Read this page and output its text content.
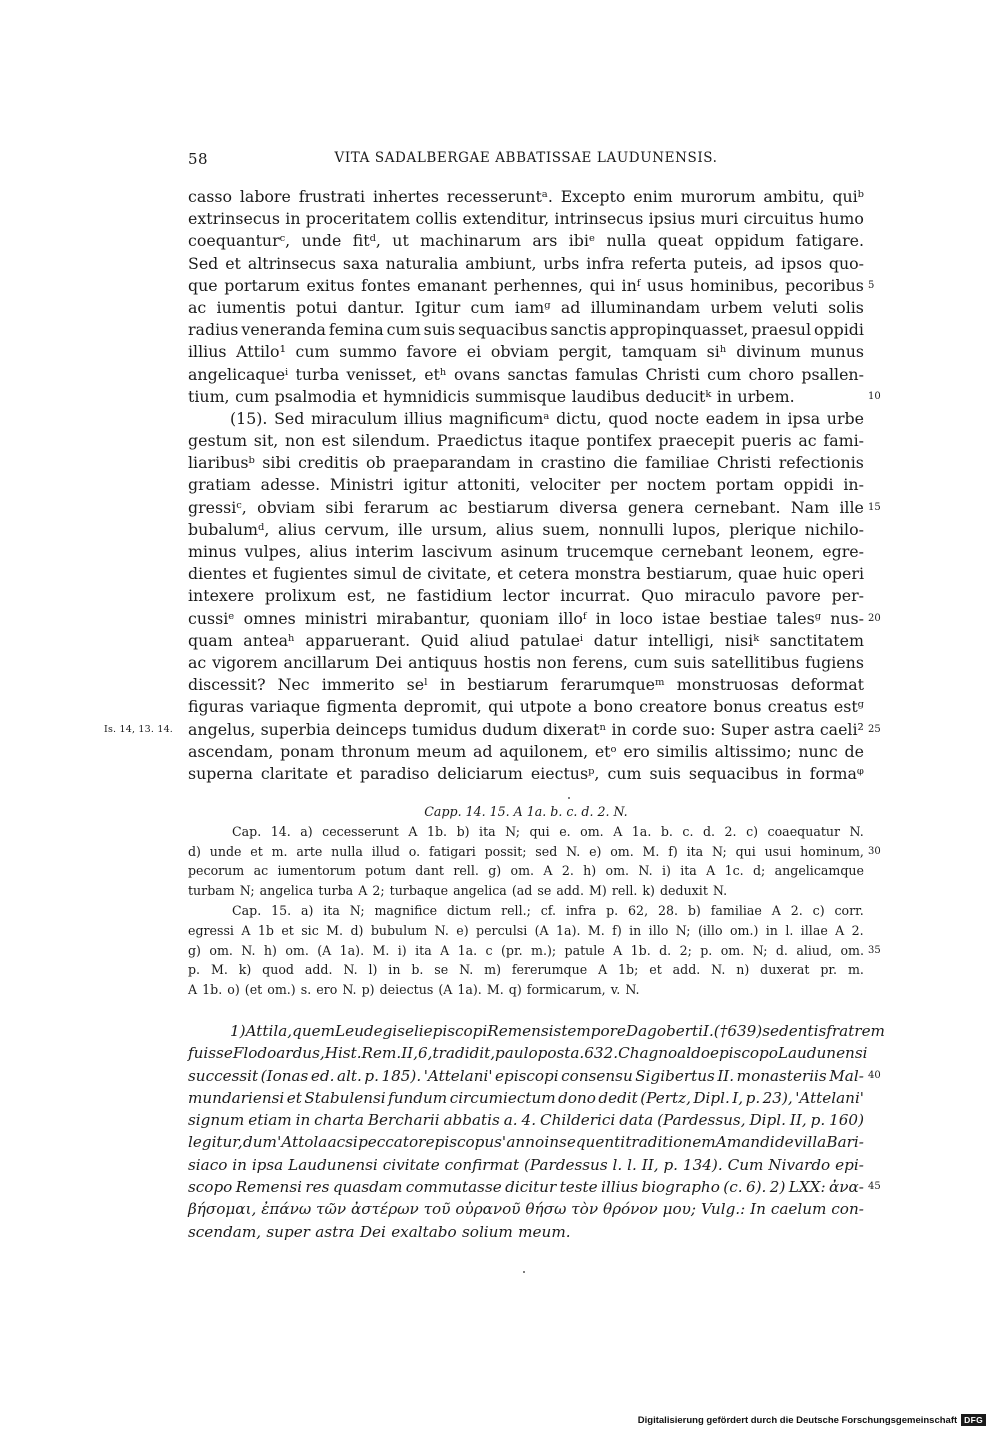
58	VITA SADALBERGAE ABBATISSAE LAUDUNENSIS.
casso labore frustrati inhertes recesseruntᵃ. Excepto enim murorum ambitu, quiᵇ
extrinsecus in proceritatem collis extenditur, intrinsecus ipsius muri circuitus humo
coequanturᶜ, unde fitᵈ, ut machinarum ars ibiᵉ nulla queat oppidum fatigare.
Sed et altrinsecus saxa naturalia ambiunt, urbs infra referta puteis, ad ipsos quo-
que portarum exitus fontes emanant perhennes, qui inᶠ usus hominibus, pecoribus 5
ac iumentis potui dantur. Igitur cum iamᵍ ad illuminandam urbem veluti solis
radius veneranda femina cum suis sequacibus sanctis appropinquasset, praesul oppidi
illius Attilo¹ cum summo favore ei obviam pergit, tamquam siʰ divinum munus
angelicaqueⁱ turba venisset, etʰ ovans sanctas famulas Christi cum choro psallen-
tium, cum psalmodia et hymnidicis summisque laudibus deducitᵏ in urbem.	10
(15). Sed miraculum illius magnificumᵃ dictu, quod nocte eadem in ipsa urbe
gestum sit, non est silendum. Praedictus itaque pontifex praecepit pueris ac fami-
liaribusᵇ sibi creditis ob praeparandam in crastino die familiae Christi refectionis
gratiam adesse. Ministri igitur attoniti, velociter per noctem portam oppidi in-
gressiᶜ, obviam sibi ferarum ac bestiarum diversa genera cernebant. Nam ille 15
bubalumᵈ, alius cervum, ille ursum, alius suem, nonnulli lupos, plerique nichilo-
minus vulpes, alius interim lascivum asinum trucemque cernebant leonem, egre-
dientes et fugientes simul de civitate, et cetera monstra bestiarum, quae huic operi
intexere prolixum est, ne fastidium lector incurrat. Quo miraculo pavore per-
cussiᵉ omnes ministri mirabantur, quoniam illoᶠ in loco istae bestiae talesᵍ nus- 20
quam anteaʰ apparuerant. Quid aliud patulaeⁱ datur intelligi, nisiᵏ sanctitatem
ac vigorem ancillarum Dei antiquus hostis non ferens, cum suis satellitibus fugiens
discessit? Nec immerito seˡ in bestiarum ferarumqueᵐ monstruosas deformat
figuras variaque figmenta depromit, qui utpote a bono creatore bonus creatus estᵍ
angelus, superbia deinceps tumidus dudum dixeratⁿ in corde suo: Super astra caeli² 25
Is. 14, 13. 14.
ascendam, ponam thronum meum ad aquilonem, etᵒ ero similis altissimo; nunc de
superna claritate et paradiso deliciarum eiectusᵖ, cum suis sequacibus in formaᵠ
Capp. 14. 15. A 1a. b. c. d. 2. N.
Cap. 14. a) cecesserunt A 1b. b) ita N; qui e. om. A 1a. b. c. d. 2. c) coaequatur N.
d) unde et m. arte nulla illud o. fatigari possit; sed N. e) om. M. f) ita N; qui usui hominum, 30
pecorum ac iumentorum potum dant rell. g) om. A 2. h) om. N. i) ita A 1c. d; angelicamque
turbam N; angelica turba A 2; turbaque angelica (ad se add. M) rell. k) deduxit N.
Cap. 15. a) ita N; magnifice dictum rell.; cf. infra p. 62, 28. b) familiae A 2. c) corr.
egressi A 1b et sic M. d) bubulum N. e) perculsi (A 1a). M. f) in illo N; (illo om.) in l. illae A 2.
g) om. N. h) om. (A 1a). M. i) ita A 1a. c (pr. m.); patule A 1b. d. 2; p. om. N; d. aliud, om. 35
p. M. k) quod add. N. l) in b. se N. m) fererumque A 1b; et add. N. n) duxerat pr. m.
A 1b. o) (et om.) s. ero N. p) deiectus (A 1a). M. q) formicarum, v. N.
1) Attila, quem Leudegiseli episcopi Remensis tempore Dagoberti I. († 639) sedentis fratrem
fuisse Flodoardus, Hist. Rem. II, 6, tradidit, paulo post a. 632. Chagnoaldo episcopo Laudunensi
successit (Ionas ed. alt. p. 185). 'Attelani' episcopi consensu Sigibertus II. monasteriis Mal- 40
mundariensi et Stabulensi fundum circumiectum dono dedit (Pertz, Dipl. I, p. 23), 'Attelani'
signum etiam in charta Bercharii abbatis a. 4. Childerici data (Pardessus, Dipl. II, p. 160)
legitur, dum 'Attola acsi peccator episcopus' anno insequenti traditionem Amandi de villa Bari-
siaco in ipsa Laudunensi civitate confirmat (Pardessus l. l. II, p. 134). Cum Nivardo epi-
scopo Remensi res quasdam commutasse dicitur teste illius biographo (c. 6). 2) LXX: ἀνα- 45
βήσομαι, ἐπάνω τῶν ἀστέρων τοῦ οὐρανοῦ θήσω τὸν θρόνον μου; Vulg.: In caelum con-
scendam, super astra Dei exaltabo solium meum.
Digitalisierung gefördert durch die Deutsche Forschungsgemeinschaft DFG
